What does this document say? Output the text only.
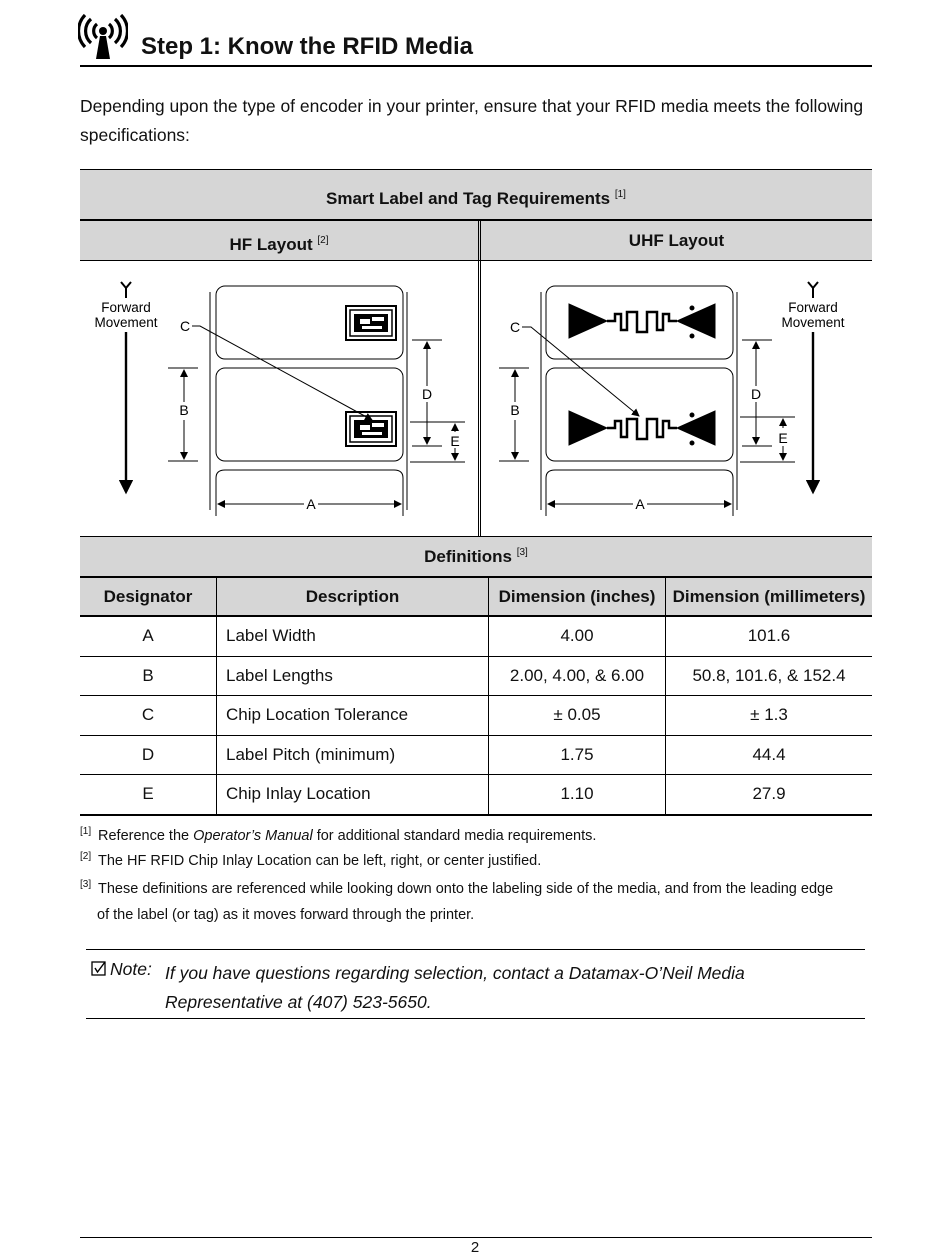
Step 1: Know the RFID Media

Depending upon the type of encoder in your printer, ensure that your RFID media meets the following specifications:

Smart Label and Tag Requirements [1]
HF Layout [2]	UHF Layout
Forward
Movement C
B
D
E
A
C
B
D
E
A
Forward
Movement
Definitions [3]
Designator	Description	Dimension (inches)	Dimension (millimeters)
A	Label Width	4.00	101.6
B	Label Lengths	2.00, 4.00, & 6.00	50.8, 101.6, & 152.4
C	Chip Location Tolerance	± 0.05	± 1.3
D	Label Pitch (minimum)	1.75	44.4
E	Chip Inlay Location	1.10	27.9
[1] Reference the Operator’s Manual for additional standard media requirements.
[2] The HF RFID Chip Inlay Location can be left, right, or center justified.
[3] These definitions are referenced while looking down onto the labeling side of the media, and from the leading edge
of the label (or tag) as it moves forward through the printer.
Note: If you have questions regarding selection, contact a Datamax-O’Neil Media Representative at (407) 523-5650.
2
